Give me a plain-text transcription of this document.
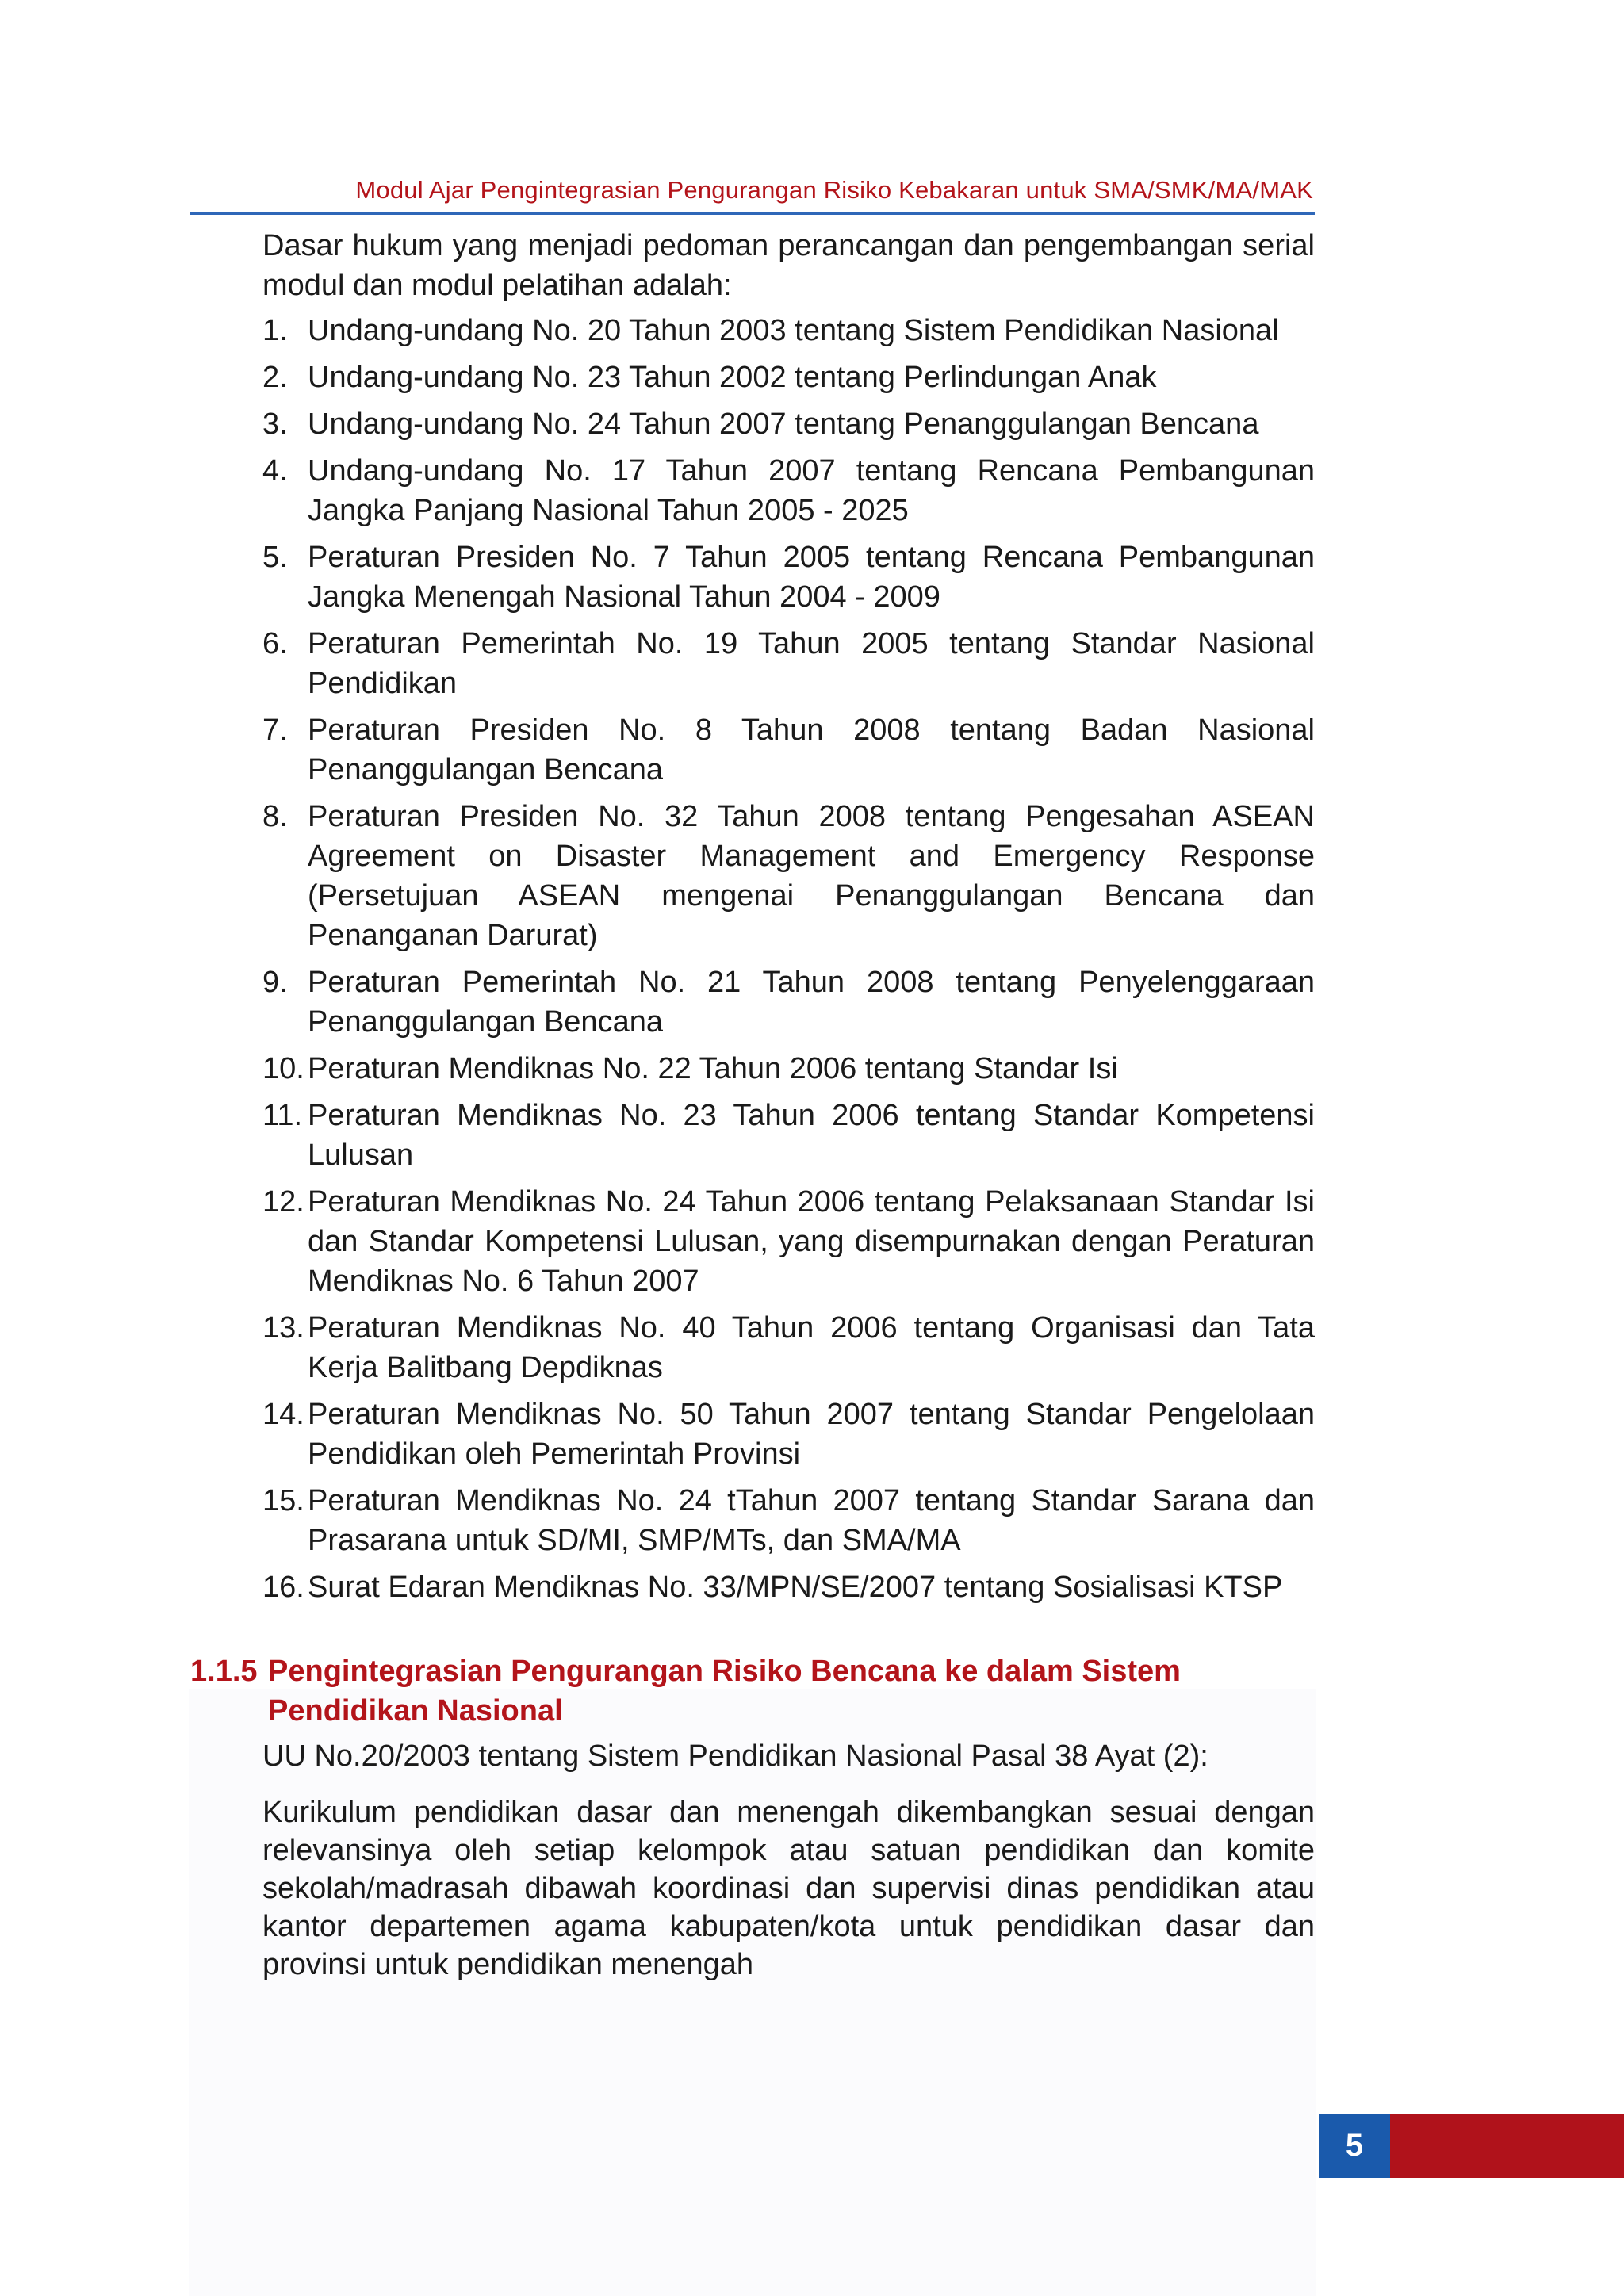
Modul Ajar Pengintegrasian Pengurangan Risiko Kebakaran untuk SMA/SMK/MA/MAK
Dasar hukum yang menjadi pedoman perancangan dan pengembangan serial modul dan modul pelatihan adalah:
1. Undang-undang No. 20 Tahun 2003 tentang Sistem Pendidikan Nasional
2. Undang-undang No. 23 Tahun 2002 tentang Perlindungan Anak
3. Undang-undang No. 24 Tahun 2007 tentang Penanggulangan Bencana
4. Undang-undang No. 17 Tahun 2007 tentang Rencana Pembangunan Jangka Panjang Nasional Tahun 2005 - 2025
5. Peraturan Presiden No. 7 Tahun 2005 tentang Rencana Pembangunan Jangka Menengah Nasional Tahun 2004 - 2009
6. Peraturan Pemerintah No. 19 Tahun 2005 tentang Standar Nasional Pendidikan
7. Peraturan Presiden No. 8 Tahun 2008 tentang Badan Nasional Penanggulangan Bencana
8. Peraturan Presiden No. 32 Tahun 2008 tentang Pengesahan ASEAN Agreement on Disaster Management and Emergency Response (Persetujuan ASEAN mengenai Penanggulangan Bencana dan Penanganan Darurat)
9. Peraturan Pemerintah No. 21 Tahun 2008 tentang Penyelenggaraan Penanggulangan Bencana
10. Peraturan Mendiknas No. 22 Tahun 2006 tentang Standar Isi
11. Peraturan Mendiknas No. 23 Tahun 2006 tentang Standar Kompetensi Lulusan
12. Peraturan Mendiknas No. 24 Tahun 2006 tentang Pelaksanaan Standar Isi dan Standar Kompetensi Lulusan, yang disempurnakan dengan Peraturan Mendiknas No. 6 Tahun 2007
13. Peraturan Mendiknas No. 40 Tahun 2006 tentang Organisasi dan Tata Kerja Balitbang Depdiknas
14. Peraturan Mendiknas No. 50 Tahun 2007 tentang Standar Pengelolaan Pendidikan oleh Pemerintah Provinsi
15. Peraturan Mendiknas No. 24 tTahun 2007 tentang Standar Sarana dan Prasarana untuk SD/MI, SMP/MTs, dan SMA/MA
16. Surat Edaran Mendiknas No. 33/MPN/SE/2007 tentang Sosialisasi KTSP
1.1.5 Pengintegrasian Pengurangan Risiko Bencana ke dalam Sistem
Pendidikan Nasional
UU No.20/2003 tentang Sistem Pendidikan Nasional Pasal 38 Ayat (2):
Kurikulum pendidikan dasar dan menengah dikembangkan sesuai dengan relevansinya oleh setiap kelompok atau satuan pendidikan dan komite sekolah/madrasah dibawah koordinasi dan supervisi dinas pendidikan atau kantor departemen agama kabupaten/kota untuk pendidikan dasar dan provinsi untuk pendidikan menengah
5
